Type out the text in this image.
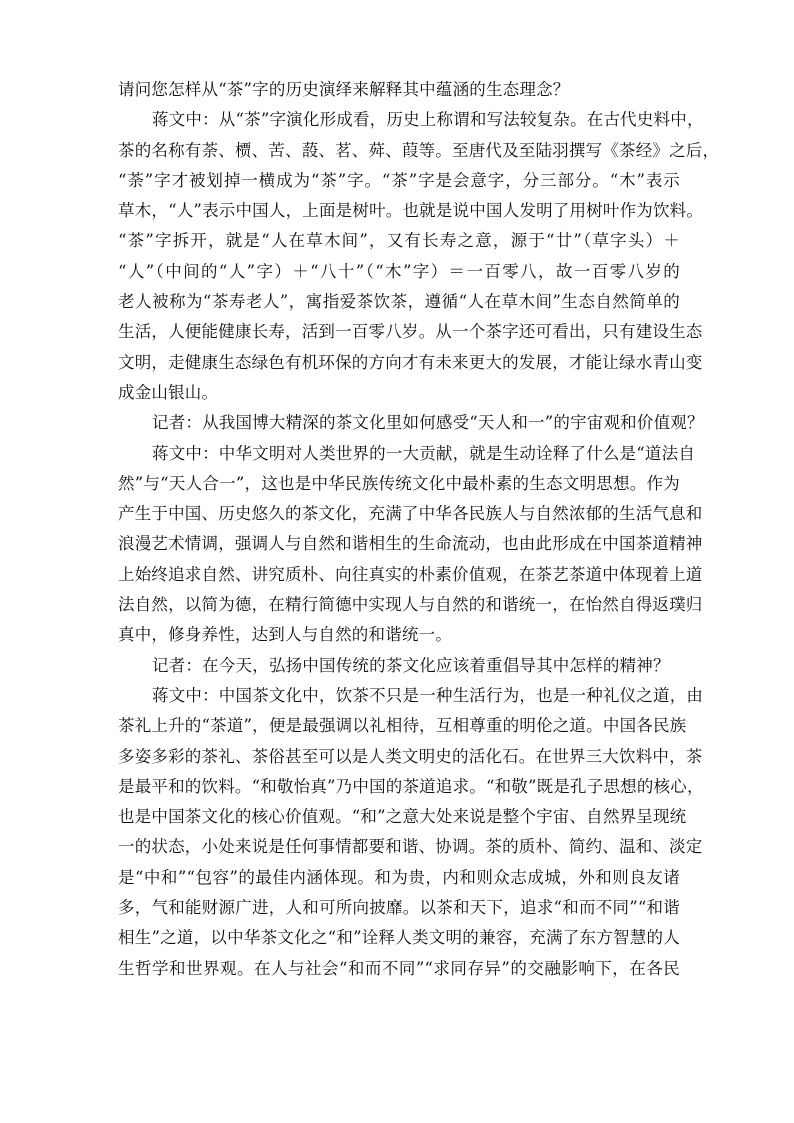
请问您怎样从“茶”字的历史演绎来解释其中蕴涵的生态理念？
蒋文中：从“茶”字演化形成看，历史上称谓和写法较复杂。在古代史料中，
茶的名称有荼、槚、苦、蔎、茗、荈、葭等。至唐代及至陆羽撰写《茶经》之后，
“荼”字才被划掉一横成为“茶”字。“茶”字是会意字，分三部分。“木”表示
草木，“人”表示中国人，上面是树叶。也就是说中国人发明了用树叶作为饮料。
“茶”字拆开，就是“人在草木间”，又有长寿之意，源于“廿”（草字头）＋
“人”（中间的“人”字）＋“八十”（“木”字）＝一百零八，故一百零八岁的
老人被称为“茶寿老人”，寓指爱茶饮茶，遵循“人在草木间”生态自然简单的
生活，人便能健康长寿，活到一百零八岁。从一个茶字还可看出，只有建设生态
文明，走健康生态绿色有机环保的方向才有未来更大的发展，才能让绿水青山变
成金山银山。
记者：从我国博大精深的茶文化里如何感受“天人和一”的宇宙观和价值观？
蒋文中：中华文明对人类世界的一大贡献，就是生动诠释了什么是“道法自
然”与“天人合一”，这也是中华民族传统文化中最朴素的生态文明思想。作为
产生于中国、历史悠久的茶文化，充满了中华各民族人与自然浓郁的生活气息和
浪漫艺术情调，强调人与自然和谐相生的生命流动，也由此形成在中国茶道精神
上始终追求自然、讲究质朴、向往真实的朴素价值观，在茶艺茶道中体现着上道
法自然，以简为德，在精行简德中实现人与自然的和谐统一，在怡然自得返璞归
真中，修身养性，达到人与自然的和谐统一。
记者：在今天，弘扬中国传统的茶文化应该着重倡导其中怎样的精神？
蒋文中：中国茶文化中，饮茶不只是一种生活行为，也是一种礼仪之道，由
茶礼上升的“茶道”，便是最强调以礼相待，互相尊重的明伦之道。中国各民族
多姿多彩的茶礼、茶俗甚至可以是人类文明史的活化石。在世界三大饮料中，茶
是最平和的饮料。“和敬怡真”乃中国的茶道追求。“和敬”既是孔子思想的核心，
也是中国茶文化的核心价值观。“和”之意大处来说是整个宇宙、自然界呈现统
一的状态，小处来说是任何事情都要和谐、协调。茶的质朴、简约、温和、淡定
是“中和”“包容”的最佳内涵体现。和为贵，内和则众志成城，外和则良友诸
多，气和能财源广进，人和可所向披靡。以茶和天下，追求“和而不同”“和谐
相生”之道，以中华茶文化之“和”诠释人类文明的兼容，充满了东方智慧的人
生哲学和世界观。在人与社会“和而不同”“求同存异”的交融影响下，在各民
